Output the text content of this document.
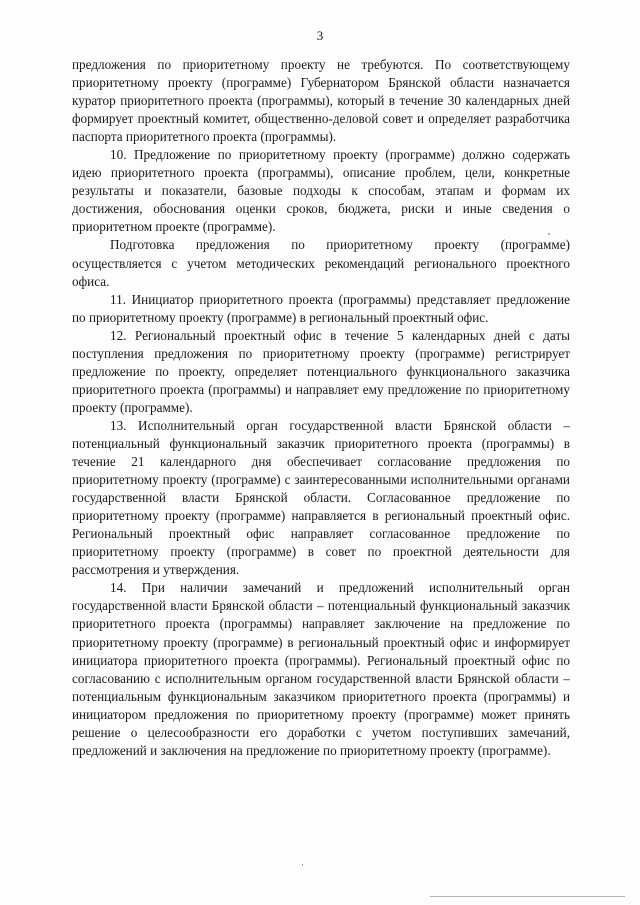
3

предложения по приоритетному проекту не требуются. По соответствующему приоритетному проекту (программе) Губернатором Брянской области назначается куратор приоритетного проекта (программы), который в течение 30 календарных дней формирует проектный комитет, общественно-деловой совет и определяет разработчика паспорта приоритетного проекта (программы).

10. Предложение по приоритетному проекту (программе) должно содержать идею приоритетного проекта (программы), описание проблем, цели, конкретные результаты и показатели, базовые подходы к способам, этапам и формам их достижения, обоснования оценки сроков, бюджета, риски и иные сведения о приоритетном проекте (программе).

Подготовка предложения по приоритетному проекту (программе) осуществляется с учетом методических рекомендаций регионального проектного офиса.

11. Инициатор приоритетного проекта (программы) представляет предложение по приоритетному проекту (программе) в региональный проектный офис.

12. Региональный проектный офис в течение 5 календарных дней с даты поступления предложения по приоритетному проекту (программе) регистрирует предложение по проекту, определяет потенциального функционального заказчика приоритетного проекта (программы) и направляет ему предложение по приоритетному проекту (программе).

13. Исполнительный орган государственной власти Брянской области – потенциальный функциональный заказчик приоритетного проекта (программы) в течение 21 календарного дня обеспечивает согласование предложения по приоритетному проекту (программе) с заинтересованными исполнительными органами государственной власти Брянской области. Согласованное предложение по приоритетному проекту (программе) направляется в региональный проектный офис. Региональный проектный офис направляет согласованное предложение по приоритетному проекту (программе) в совет по проектной деятельности для рассмотрения и утверждения.

14. При наличии замечаний и предложений исполнительный орган государственной власти Брянской области – потенциальный функциональный заказчик приоритетного проекта (программы) направляет заключение на предложение по приоритетному проекту (программе) в региональный проектный офис и информирует инициатора приоритетного проекта (программы). Региональный проектный офис по согласованию с исполнительным органом государственной власти Брянской области – потенциальным функциональным заказчиком приоритетного проекта (программы) и инициатором предложения по приоритетному проекту (программе) может принять решение о целесообразности его доработки с учетом поступивших замечаний, предложений и заключения на предложение по приоритетному проекту (программе).
